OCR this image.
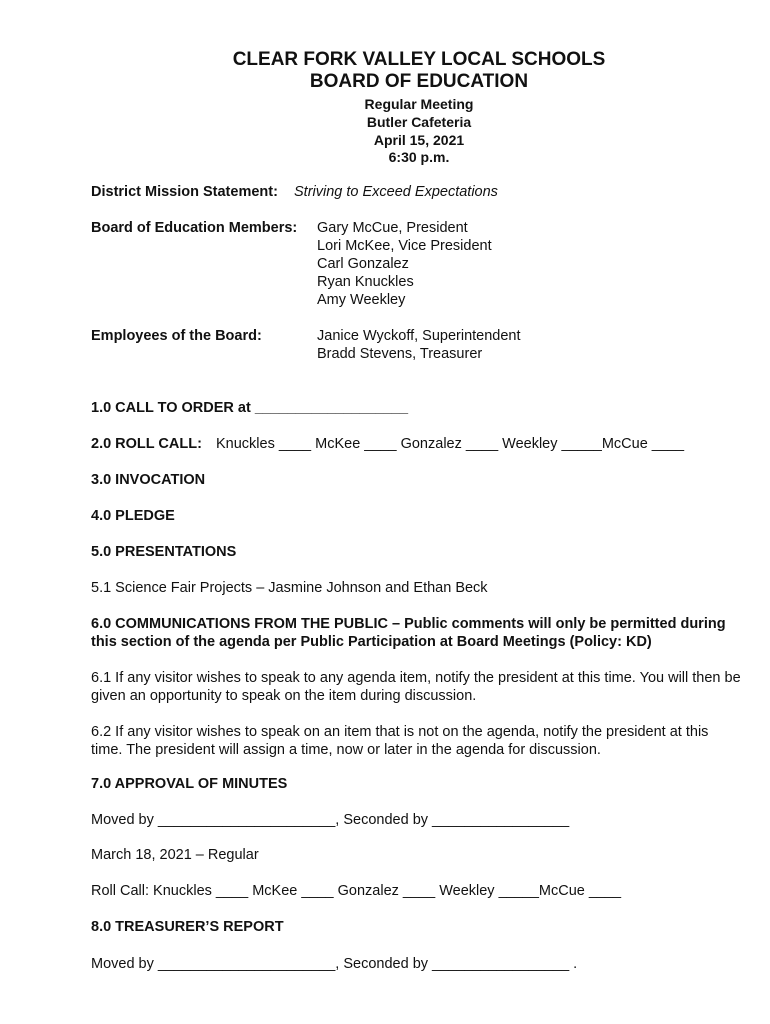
CLEAR FORK VALLEY LOCAL SCHOOLS
BOARD OF EDUCATION
Regular Meeting
Butler Cafeteria
April 15, 2021
6:30 p.m.
District Mission Statement: Striving to Exceed Expectations
Board of Education Members: Gary McCue, President
Lori McKee, Vice President
Carl Gonzalez
Ryan Knuckles
Amy Weekley
Employees of the Board:	Janice Wyckoff, Superintendent
Bradd Stevens, Treasurer
1.0 CALL TO ORDER at ___________________
2.0 ROLL CALL: Knuckles ____ McKee ____ Gonzalez ____ Weekley _____McCue ____
3.0 INVOCATION
4.0 PLEDGE
5.0 PRESENTATIONS
5.1 Science Fair Projects – Jasmine Johnson and Ethan Beck
6.0 COMMUNICATIONS FROM THE PUBLIC – Public comments will only be permitted during this section of the agenda per Public Participation at Board Meetings (Policy: KD)
6.1 If any visitor wishes to speak to any agenda item, notify the president at this time. You will then be given an opportunity to speak on the item during discussion.
6.2 If any visitor wishes to speak on an item that is not on the agenda, notify the president at this time. The president will assign a time, now or later in the agenda for discussion.
7.0 APPROVAL OF MINUTES
Moved by ______________________, Seconded by _________________
March 18, 2021 – Regular
Roll Call: Knuckles ____ McKee ____ Gonzalez ____ Weekley _____McCue ____
8.0 TREASURER’S REPORT
Moved by ______________________, Seconded by _________________ .
